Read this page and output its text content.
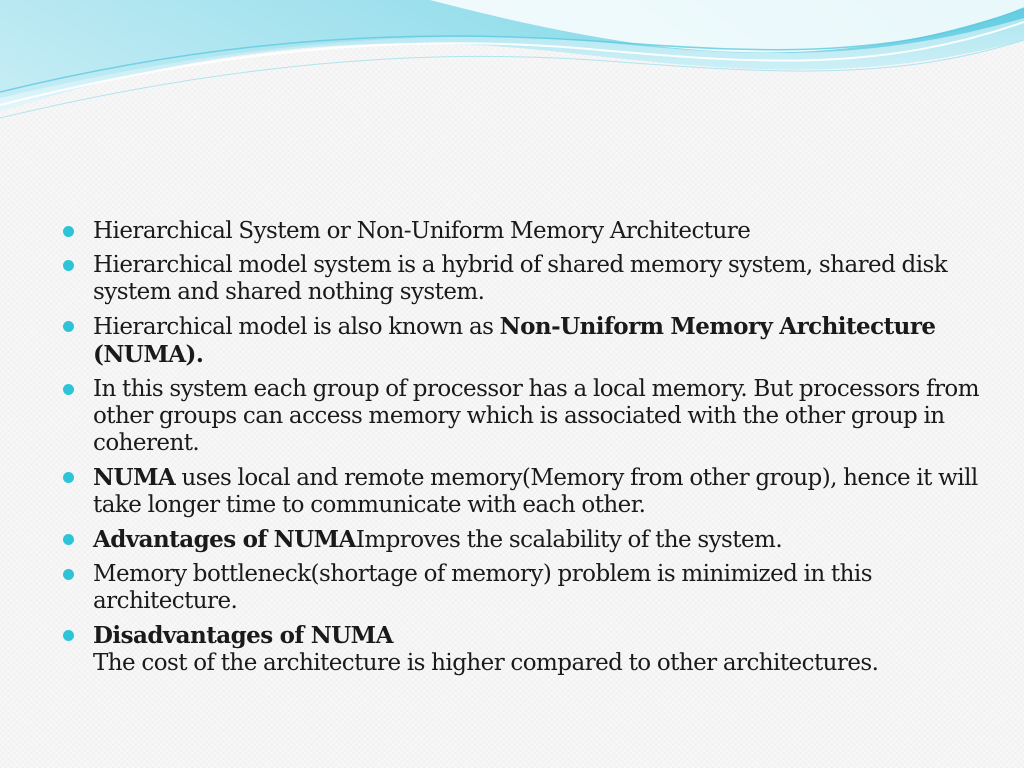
Hierarchical System or Non-Uniform Memory Architecture
Hierarchical model system is a hybrid of shared memory system, shared disk system and shared nothing system.
Hierarchical model is also known as Non-Uniform Memory Architecture (NUMA).
In this system each group of processor has a local memory. But processors from other groups can access memory which is associated with the other group in coherent.
NUMA uses local and remote memory(Memory from other group), hence it will take longer time to communicate with each other.
Advantages of NUMAImproves the scalability of the system.
Memory bottleneck(shortage of memory) problem is minimized in this architecture.
Disadvantages of NUMA
The cost of the architecture is higher compared to other architectures.
